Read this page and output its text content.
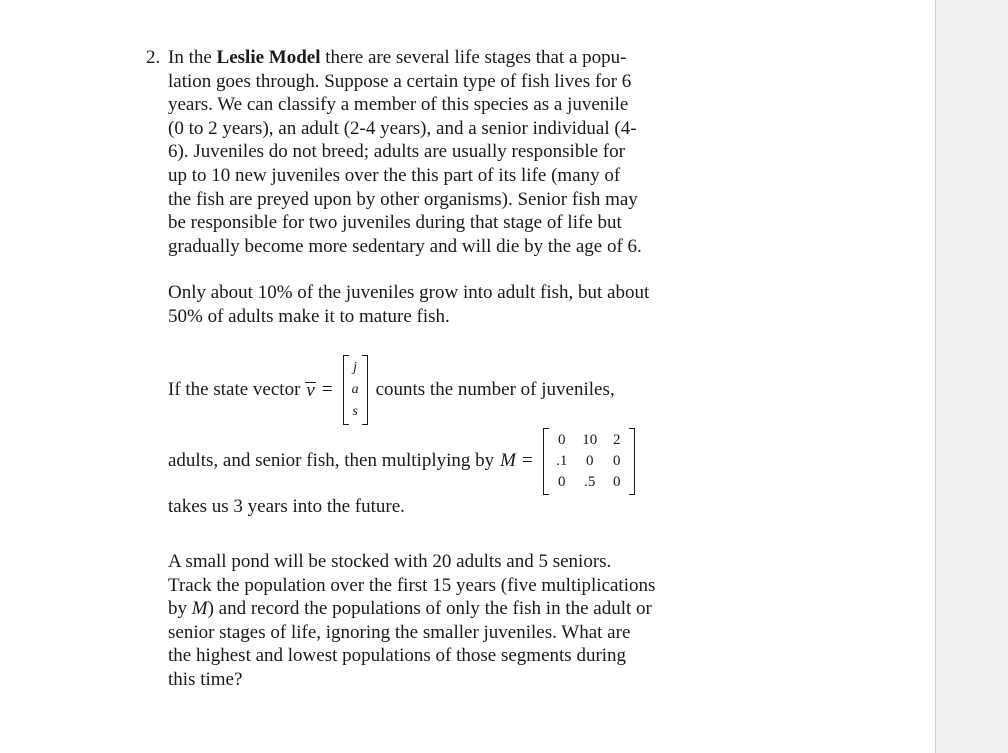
2. In the Leslie Model there are several life stages that a popu-
lation goes through. Suppose a certain type of fish lives for 6
years. We can classify a member of this species as a juvenile
(0 to 2 years), an adult (2-4 years), and a senior individual (4-
6). Juveniles do not breed; adults are usually responsible for
up to 10 new juveniles over the this part of its life (many of
the fish are preyed upon by other organisms). Senior fish may
be responsible for two juveniles during that stage of life but
gradually become more sedentary and will die by the age of 6.
Only about 10% of the juveniles grow into adult fish, but about
50% of adults make it to mature fish.
If the state vector v =
j
a
s
counts the number of juveniles,
adults, and senior fish, then multiplying by M =
0	10	2
.1	0	0
0	.5	0
takes us 3 years into the future.
A small pond will be stocked with 20 adults and 5 seniors.
Track the population over the first 15 years (five multiplications
by M) and record the populations of only the fish in the adult or
senior stages of life, ignoring the smaller juveniles. What are
the highest and lowest populations of those segments during
this time?
